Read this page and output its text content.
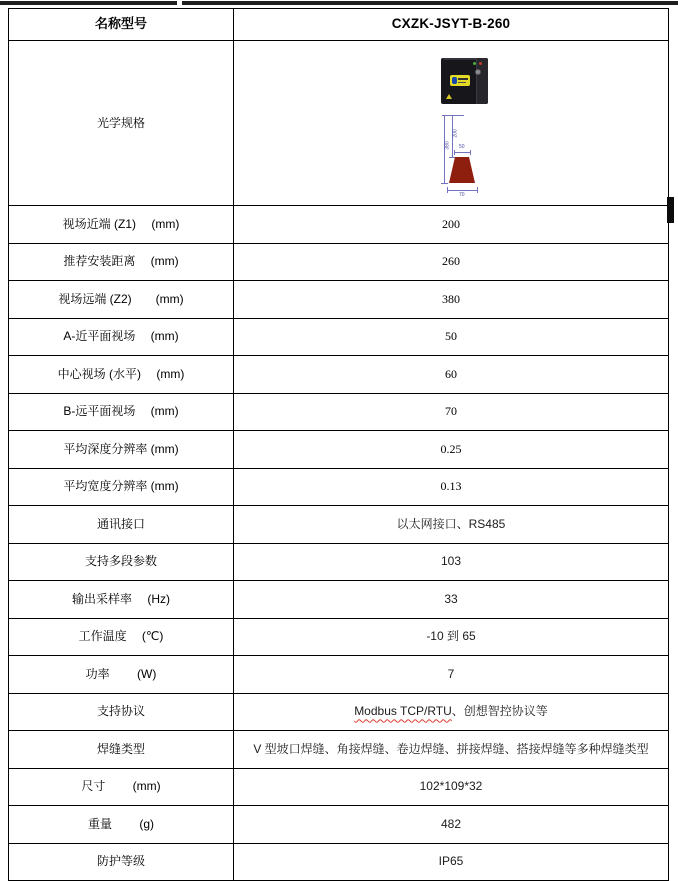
名称型号	CXZK-JSYT-B-260
光学规格	200
380 50
70

视场近端 (Z1)　 (mm)	200
推荐安装距离　 (mm)	260
视场远端 (Z2)　　(mm)	380
A-近平面视场　 (mm)	50
中心视场 (水平)　 (mm)	60
B-远平面视场　 (mm)	70
平均深度分辨率 (mm)	0.25
平均宽度分辨率 (mm)	0.13
通讯接口	以太网接口、RS485
支持多段参数	103
输出采样率　 (Hz)	33
工作温度　 (℃)	-10 到 65
功率　　 (W)	7
支持协议	Modbus TCP/RTU、创想智控协议等
焊缝类型	V 型坡口焊缝、角接焊缝、卷边焊缝、拼接焊缝、搭接焊缝等多种焊缝类型
尺寸　　 (mm)	102*109*32
重量　　 (g)	482
防护等级	IP65
